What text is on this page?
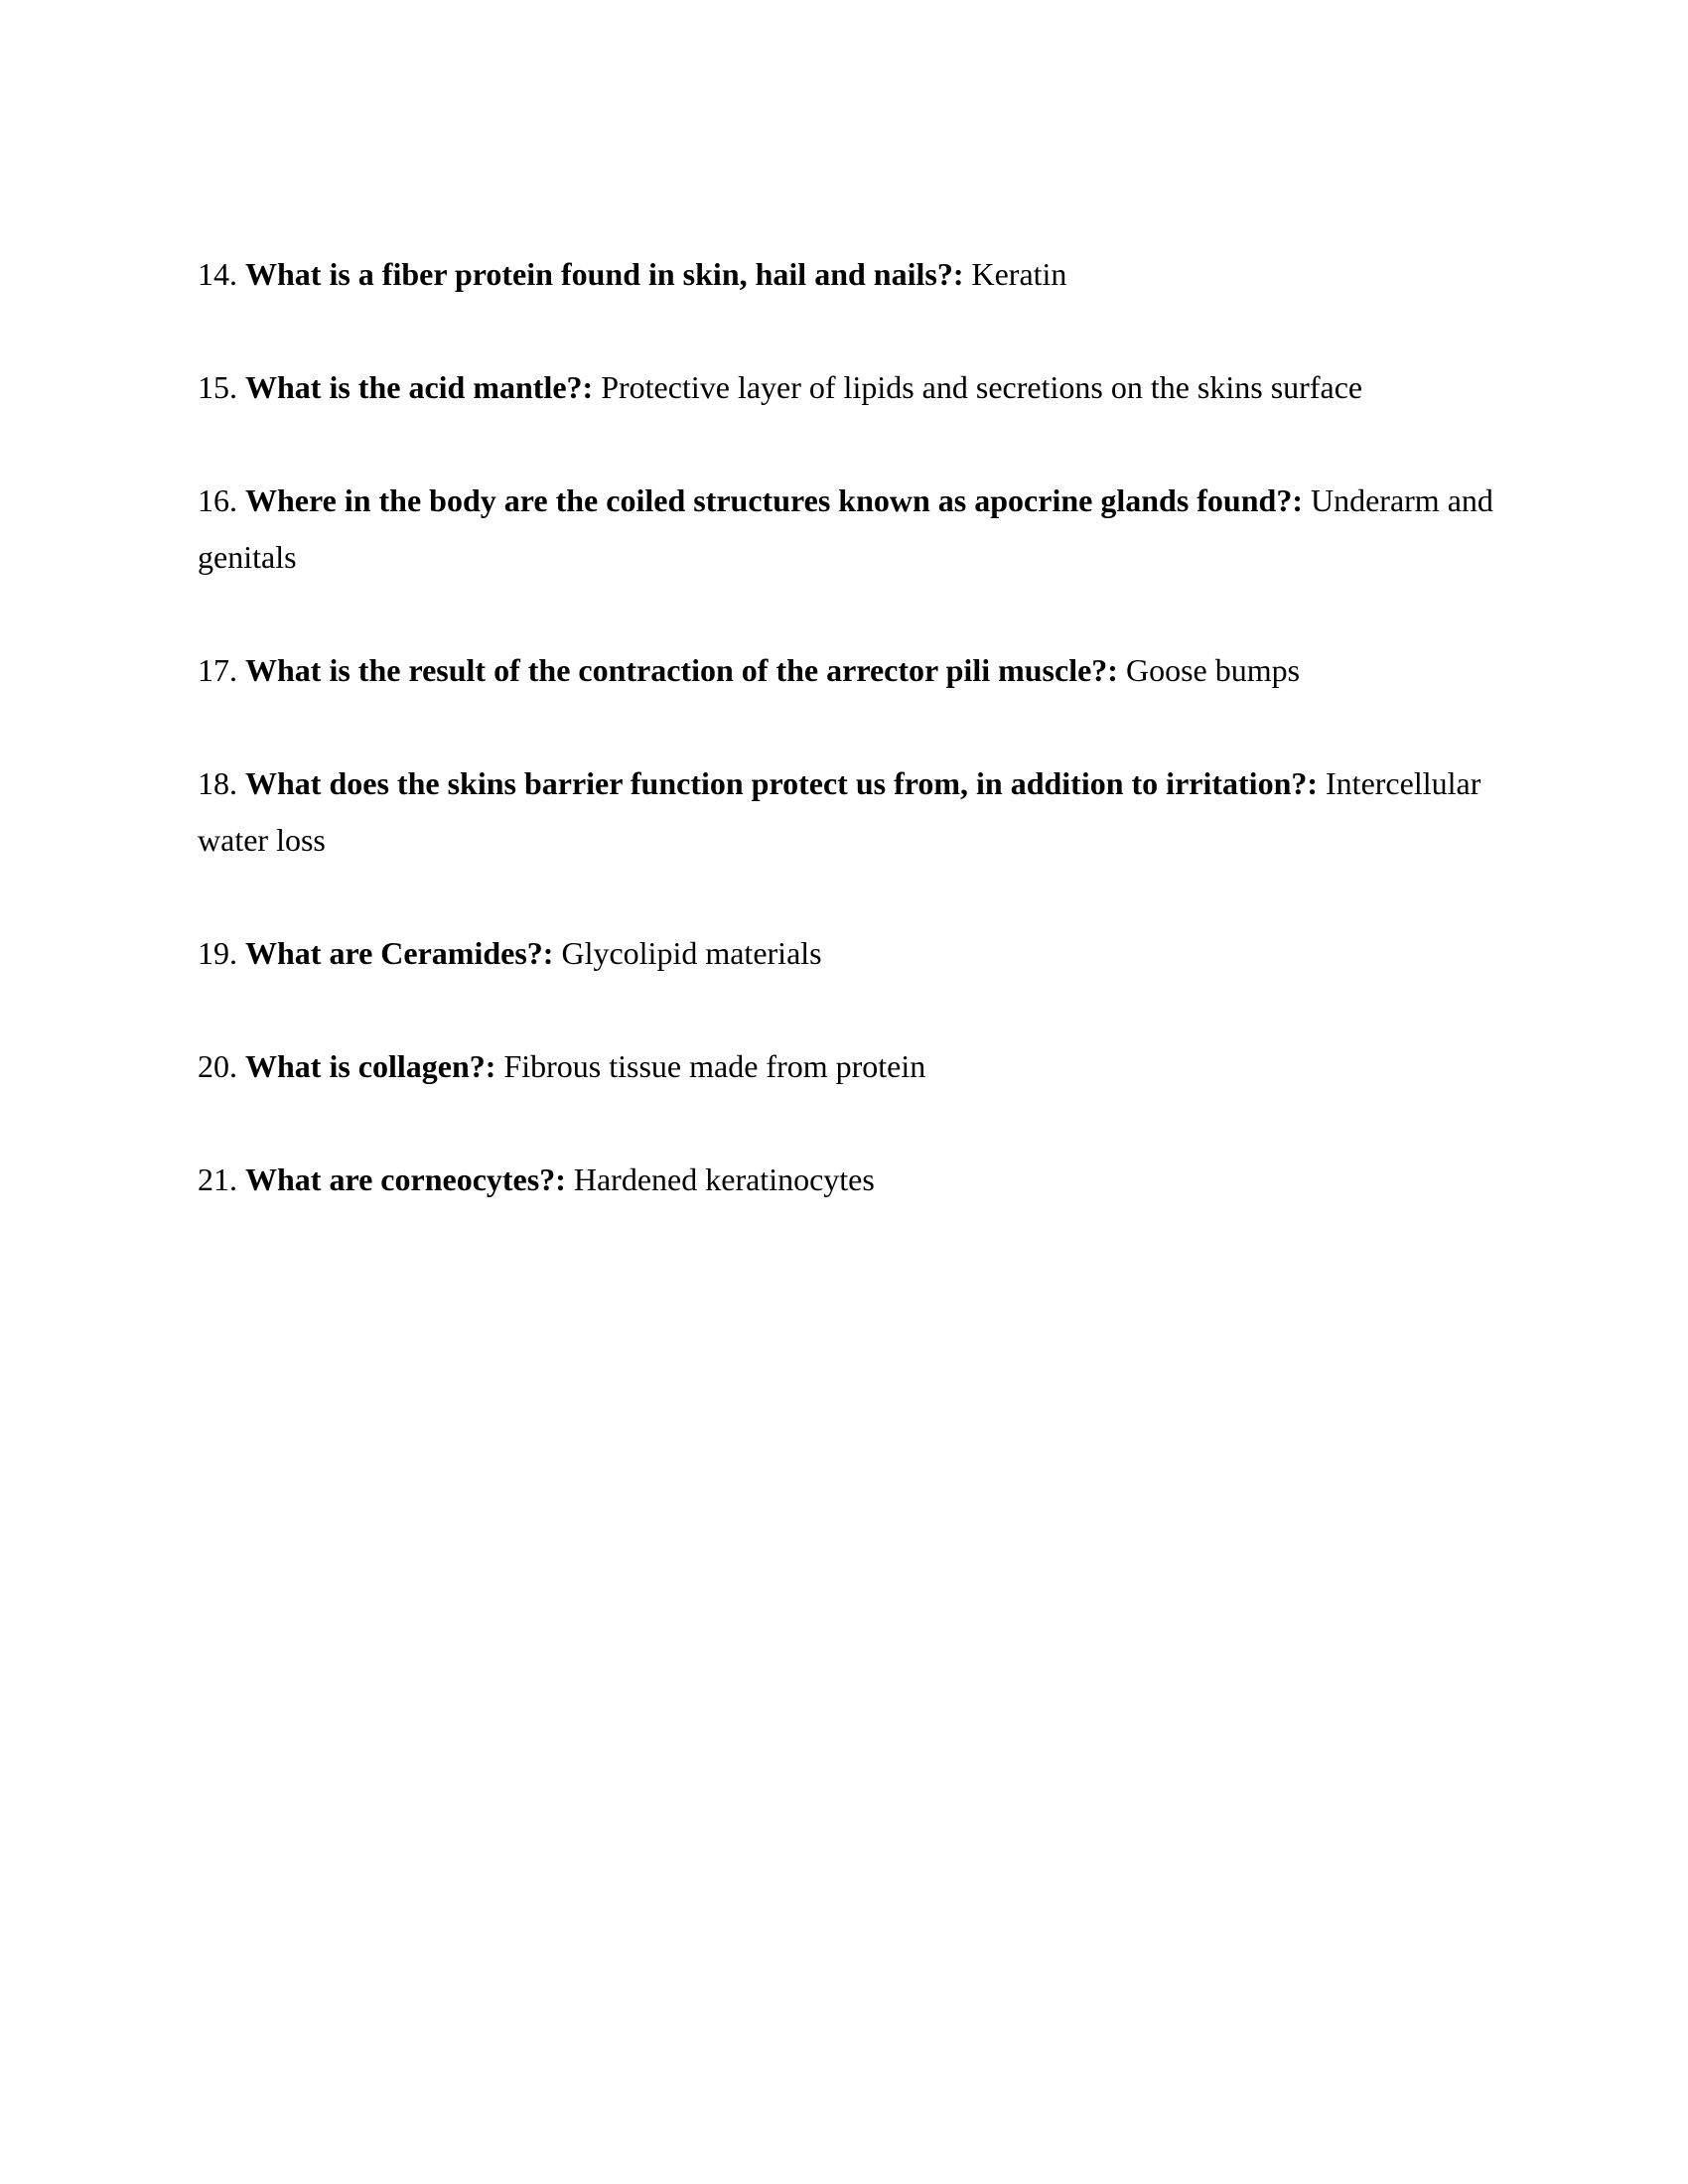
14. What is a fiber protein found in skin, hail and nails?: Keratin
15. What is the acid mantle?: Protective layer of lipids and secretions on the skins surface
16. Where in the body are the coiled structures known as apocrine glands found?: Underarm and genitals
17. What is the result of the contraction of the arrector pili muscle?: Goose bumps
18. What does the skins barrier function protect us from, in addition to irritation?: Intercellular water loss
19. What are Ceramides?: Glycolipid materials
20. What is collagen?: Fibrous tissue made from protein
21. What are corneocytes?: Hardened keratinocytes
